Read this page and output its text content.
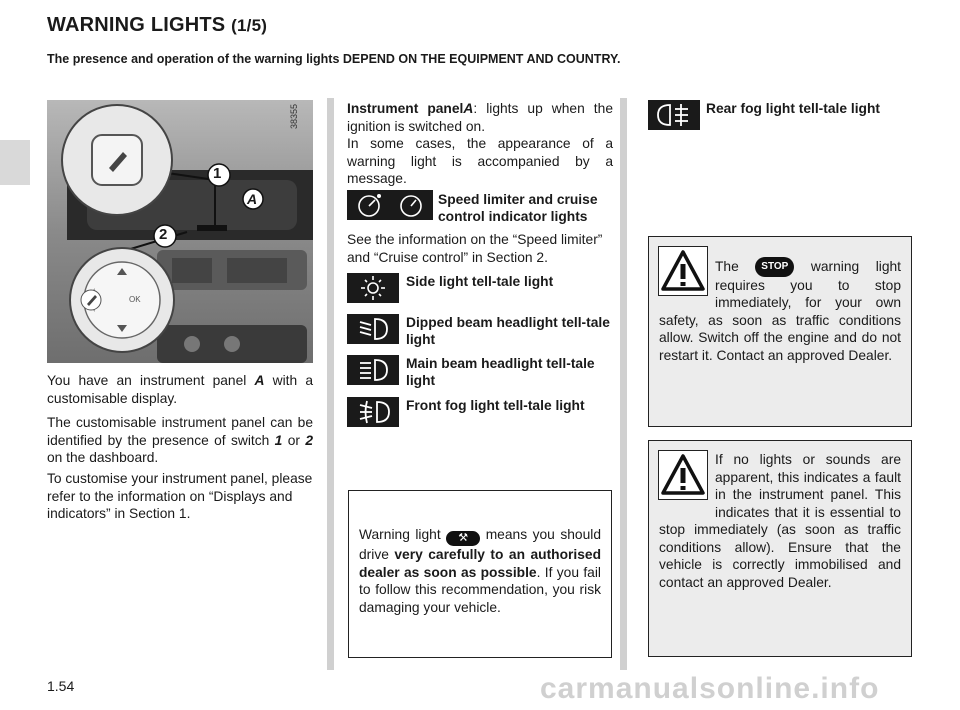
WARNING LIGHTS (1/5)
The presence and operation of the warning lights DEPEND ON THE EQUIPMENT AND COUNTRY.
1
A
2
OK
38355
You have an instrument panel A with a customisable display.
The customisable instrument panel can be identified by the presence of switch 1 or 2 on the dashboard.
To customise your instrument panel, please refer to the information on “Displays and indicators” in Section 1.
Instrument panelA: lights up when the ignition is switched on.
In some cases, the appearance of a warning light is accompanied by a message.
Speed limiter and cruise control indicator lights
See the information on the “Speed limiter” and “Cruise control” in Section 2.
Side light tell-tale light
Dipped beam headlight tell-tale light
Main beam headlight tell-tale light
Front fog light tell-tale light
Warning light ⚒ means you should drive very carefully to an authorised dealer as soon as possible. If you fail to follow this recommendation, you risk damaging your vehicle.
Rear fog light tell-tale light
The STOP warning light requires you to stop immediately, for your own safety, as soon as traffic conditions allow. Switch off the engine and do not restart it. Contact an approved Dealer.
If no lights or sounds are apparent, this indicates a fault in the instrument panel. This indicates that it is essential to stop immediately (as soon as traffic conditions allow). Ensure that the vehicle is correctly immobilised and contact an approved Dealer.
1.54	carmanualsonline.info
